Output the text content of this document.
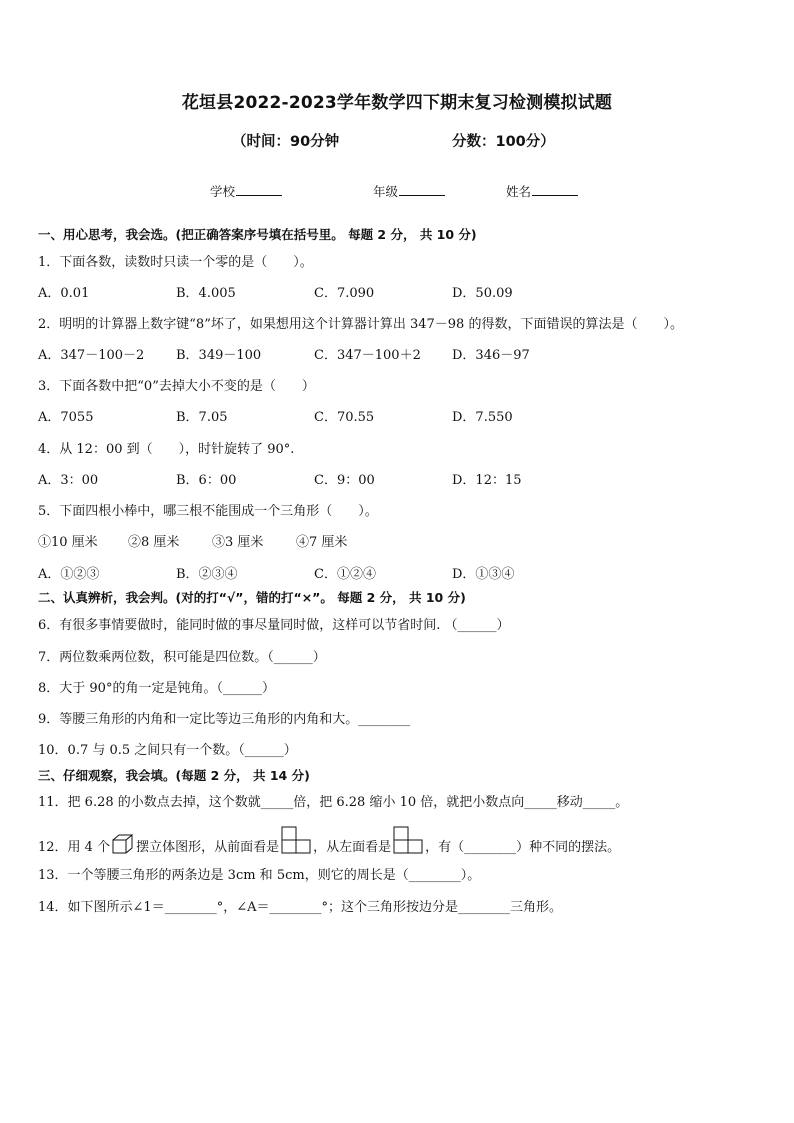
花垣县2022-2023学年数学四下期末复习检测模拟试题
（时间：90分钟	分数：100分）
学校	年级	姓名
一、用心思考，我会选。(把正确答案序号填在括号里。 每题 2 分， 共 10 分)
1．下面各数，读数时只读一个零的是（　　）。
A．0.01	B．4.005	C．7.090	D．50.09
2．明明的计算器上数字键“8”坏了，如果想用这个计算器计算出 347－98 的得数，下面错误的算法是（　　）。
A．347－100－2 B．349－100	C．347－100＋2 D．346－97
3．下面各数中把“0”去掉大小不变的是（　　）
A．7055	B．7.05	C．70.55	D．7.550
4．从 12：00 到（　　），时针旋转了 90°.
A．3：00	B．6：00	C．9：00	D．12：15
5．下面四根小棒中，哪三根不能围成一个三角形（　　）。
①10 厘米 ②8 厘米	③3 厘米	④7 厘米
A．①②③	B．②③④	C．①②④	D．①③④
二、认真辨析，我会判。(对的打“√”，错的打“×”。 每题 2 分， 共 10 分)
6．有很多事情要做时，能同时做的事尽量同时做，这样可以节省时间. （______）
7．两位数乘两位数，积可能是四位数。（______）
8．大于 90°的角一定是钝角。（______）
9．等腰三角形的内角和一定比等边三角形的内角和大。________
10．0.7 与 0.5 之间只有一个数。（______）
三、仔细观察，我会填。(每题 2 分， 共 14 分)
11．把 6.28 的小数点去掉，这个数就_____倍，把 6.28 缩小 10 倍，就把小数点向_____移动_____。
12．用 4 个 摆立体图形，从前面看是	，从左面看是	，有（________）种不同的摆法。
13．一个等腰三角形的两条边是 3cm 和 5cm，则它的周长是（________）。
14．如下图所示∠1＝________°，∠A＝________°；这个三角形按边分是________三角形。
